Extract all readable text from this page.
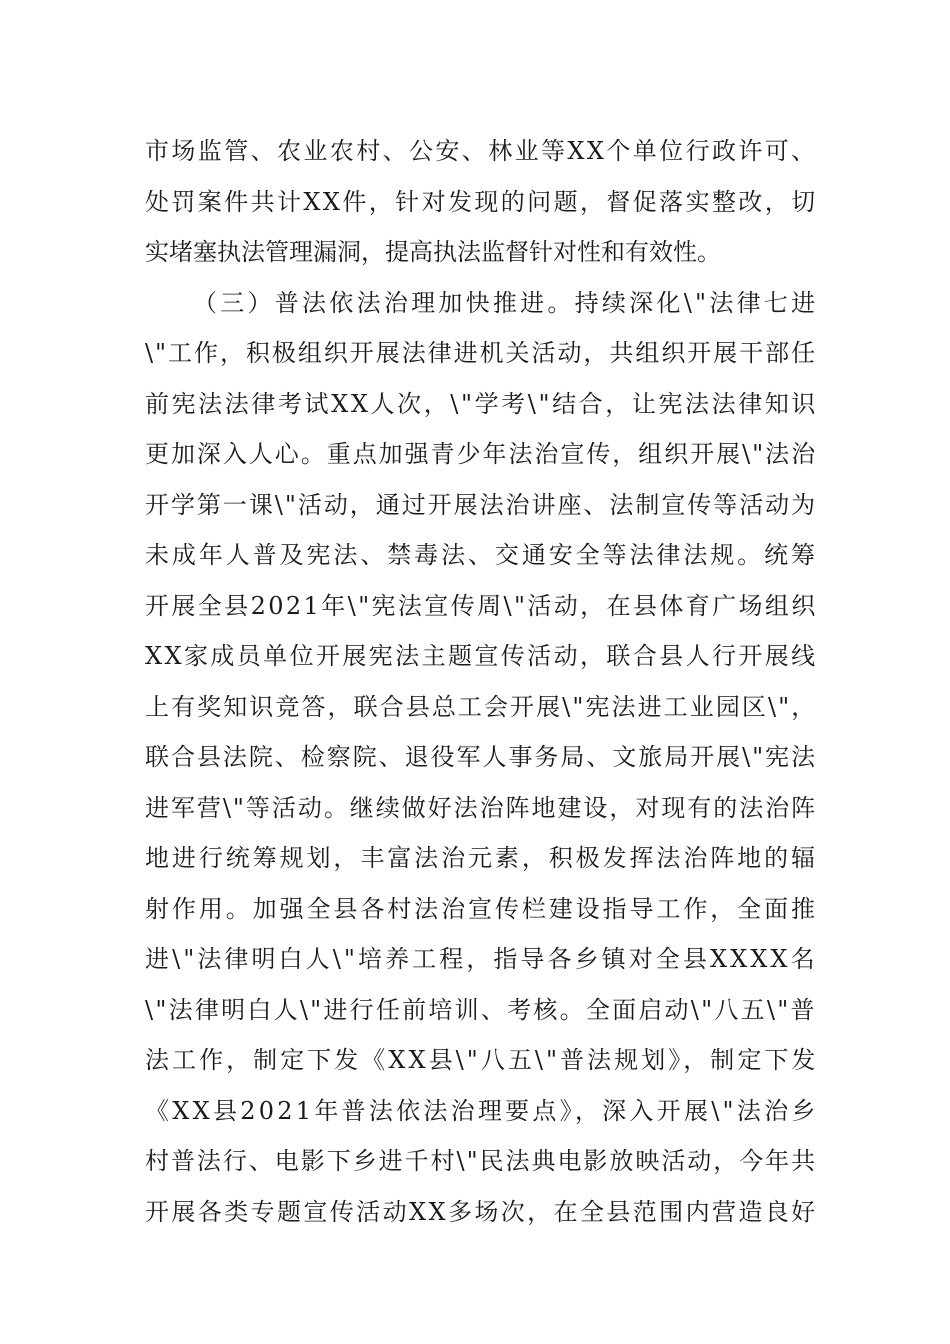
市场监管、农业农村、公安、林业等XX个单位行政许可、
处罚案件共计XX件，针对发现的问题，督促落实整改，切
实堵塞执法管理漏洞，提高执法监督针对性和有效性。
（三）普法依法治理加快推进。持续深化\"法律七进
\"工作，积极组织开展法律进机关活动，共组织开展干部任
前宪法法律考试XX人次，\"学考\"结合，让宪法法律知识
更加深入人心。重点加强青少年法治宣传，组织开展\"法治
开学第一课\"活动，通过开展法治讲座、法制宣传等活动为
未成年人普及宪法、禁毒法、交通安全等法律法规。统筹
开展全县2021年\"宪法宣传周\"活动，在县体育广场组织
XX家成员单位开展宪法主题宣传活动，联合县人行开展线
上有奖知识竞答，联合县总工会开展\"宪法进工业园区\"，
联合县法院、检察院、退役军人事务局、文旅局开展\"宪法
进军营\"等活动。继续做好法治阵地建设，对现有的法治阵
地进行统筹规划，丰富法治元素，积极发挥法治阵地的辐
射作用。加强全县各村法治宣传栏建设指导工作，全面推
进\"法律明白人\"培养工程，指导各乡镇对全县XXXX名
\"法律明白人\"进行任前培训、考核。全面启动\"八五\"普
法工作，制定下发《XX县\"八五\"普法规划》，制定下发
《XX县2021年普法依法治理要点》，深入开展\"法治乡
村普法行、电影下乡进千村\"民法典电影放映活动，今年共
开展各类专题宣传活动XX多场次，在全县范围内营造良好
